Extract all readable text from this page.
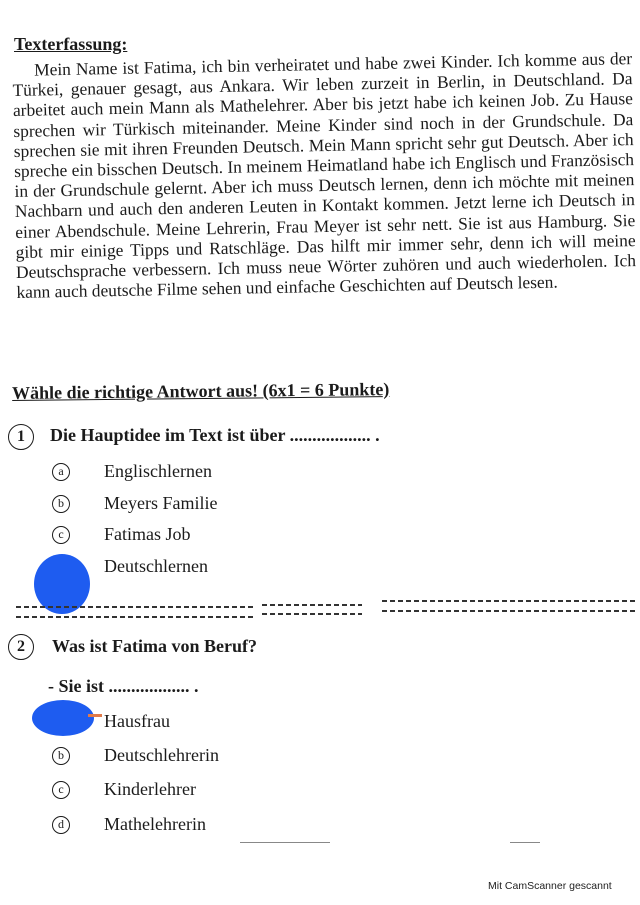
Texterfassung:

Mein Name ist Fatima, ich bin verheiratet und habe zwei Kinder. Ich komme aus der Türkei, genauer gesagt, aus Ankara. Wir leben zurzeit in Berlin, in Deutschland. Da arbeitet auch mein Mann als Mathelehrer. Aber bis jetzt habe ich keinen Job. Zu Hause sprechen wir Türkisch miteinander. Meine Kinder sind noch in der Grundschule. Da sprechen sie mit ihren Freunden Deutsch. Mein Mann spricht sehr gut Deutsch. Aber ich spreche ein bisschen Deutsch. In meinem Heimatland habe ich Englisch und Französisch in der Grundschule gelernt. Aber ich muss Deutsch lernen, denn ich möchte mit meinen Nachbarn und auch den anderen Leuten in Kontakt kommen. Jetzt lerne ich Deutsch in einer Abendschule. Meine Lehrerin, Frau Meyer ist sehr nett. Sie ist aus Hamburg. Sie gibt mir einige Tipps und Ratschläge. Das hilft mir immer sehr, denn ich will meine Deutschsprache verbessern. Ich muss neue Wörter zuhören und auch wiederholen. Ich kann auch deutsche Filme sehen und einfache Geschichten auf Deutsch lesen.

Wähle die richtige Antwort aus! (6x1 = 6 Punkte)
1	Die Hauptidee im Text ist über .................. .
a	Englischlernen
b	Meyers Familie
c	Fatimas Job
Deutschlernen
2	Was ist Fatima von Beruf?
- Sie ist .................. .
Hausfrau
b	Deutschlehrerin
c	Kinderlehrer
d	Mathelehrerin
Mit CamScanner gescannt
